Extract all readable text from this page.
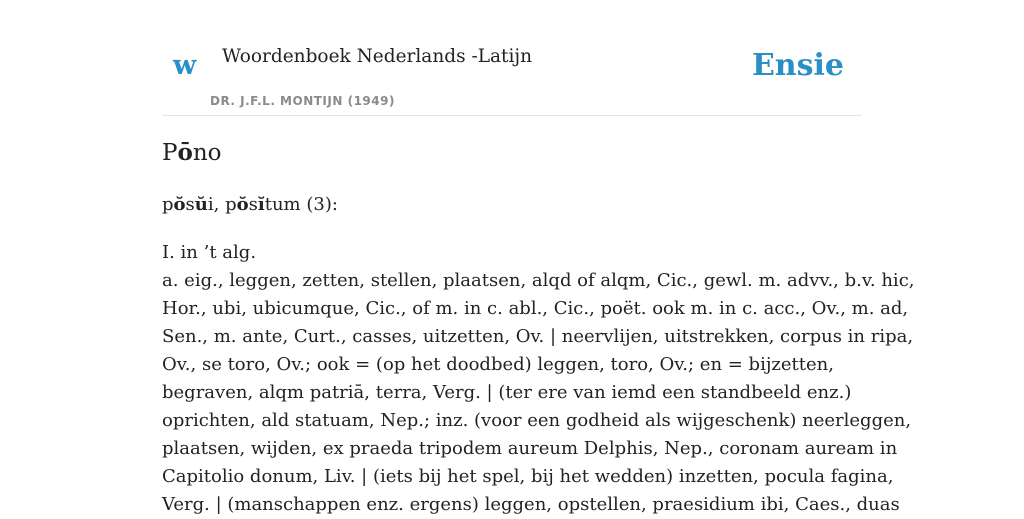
w Woordenboek Nederlands -Latijn
DR. J.F.L. MONTIJN (1949)
Ensie
Pōno
pŏsŭi, pŏsĭtum (3):
I. in ’t alg.
a. eig., leggen, zetten, stellen, plaatsen, alqd of alqm, Cic., gewl. m. advv., b.v. hic,
Hor., ubi, ubicumque, Cic., of m. in c. abl., Cic., poët. ook m. in c. acc., Ov., m. ad,
Sen., m. ante, Curt., casses, uitzetten, Ov. | neervlijen, uitstrekken, corpus in ripa,
Ov., se toro, Ov.; ook = (op het doodbed) leggen, toro, Ov.; en = bijzetten,
begraven, alqm patriā, terra, Verg. | (ter ere van iemd een standbeeld enz.)
oprichten, ald statuam, Nep.; inz. (voor een godheid als wijgeschenk) neerleggen,
plaatsen, wijden, ex praeda tripodem aureum Delphis, Nep., coronam auream in
Capitolio donum, Liv. | (iets bij het spel, bij het wedden) inzetten, pocula fagina,
Verg. | (manschappen enz. ergens) leggen, opstellen, praesidium ibi, Caes., duas
